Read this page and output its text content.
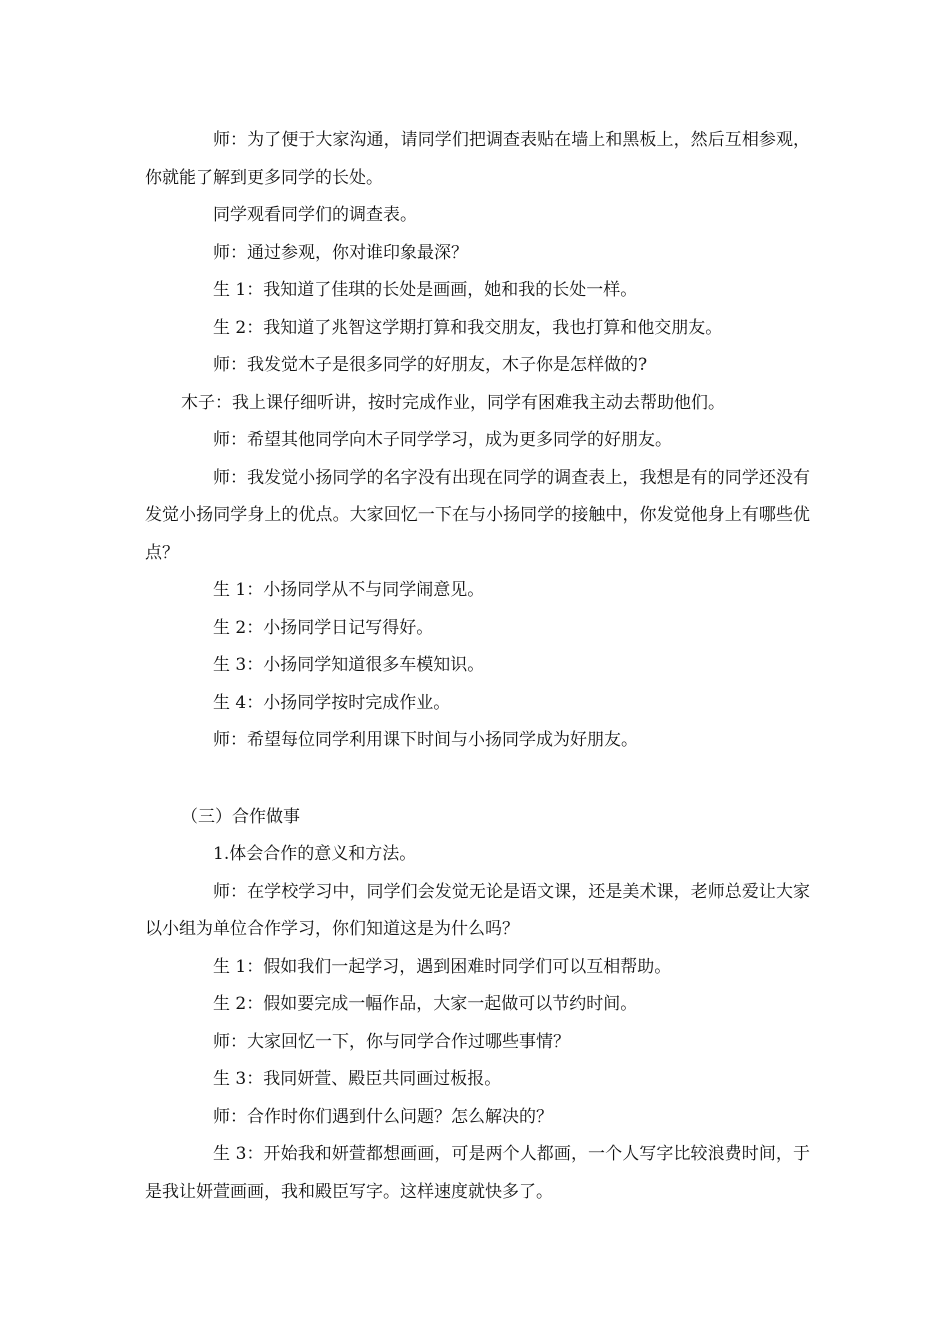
师：为了便于大家沟通，请同学们把调查表贴在墙上和黑板上，然后互相参观，你就能了解到更多同学的长处。

同学观看同学们的调查表。

师：通过参观，你对谁印象最深？

生 1：我知道了佳琪的长处是画画，她和我的长处一样。

生 2：我知道了兆智这学期打算和我交朋友，我也打算和他交朋友。

师：我发觉木子是很多同学的好朋友，木子你是怎样做的?

木子：我上课仔细听讲，按时完成作业，同学有困难我主动去帮助他们。

师：希望其他同学向木子同学学习，成为更多同学的好朋友。

师：我发觉小扬同学的名字没有出现在同学的调查表上，我想是有的同学还没有发觉小扬同学身上的优点。大家回忆一下在与小扬同学的接触中，你发觉他身上有哪些优点？

生 1：小扬同学从不与同学闹意见。

生 2：小扬同学日记写得好。

生 3：小扬同学知道很多车模知识。

生 4：小扬同学按时完成作业。

师：希望每位同学利用课下时间与小扬同学成为好朋友。

（三）合作做事

1.体会合作的意义和方法。

师：在学校学习中，同学们会发觉无论是语文课，还是美术课，老师总爱让大家以小组为单位合作学习，你们知道这是为什么吗？

生 1：假如我们一起学习，遇到困难时同学们可以互相帮助。

生 2：假如要完成一幅作品，大家一起做可以节约时间。

师：大家回忆一下，你与同学合作过哪些事情？

生 3：我同妍萱、殿臣共同画过板报。

师：合作时你们遇到什么问题？怎么解决的？

生 3：开始我和妍萱都想画画，可是两个人都画，一个人写字比较浪费时间，于是我让妍萱画画，我和殿臣写字。这样速度就快多了。
